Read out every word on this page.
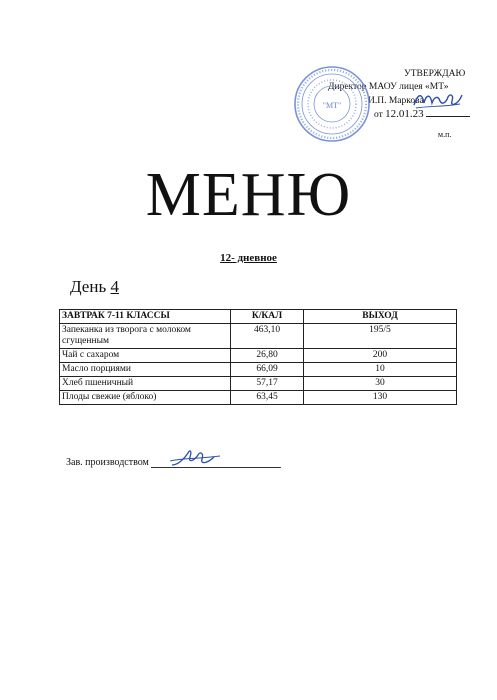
УТВЕРЖДАЮ
Директор МАОУ лицея «МТ»
И.П. Маркова
от 12.01.23
м.п.
"МТ"
МЕНЮ
12- дневное
День 4
ЗАВТРАК 7-11 КЛАССЫ	К/КАЛ	ВЫХОД
Запеканка из творога с молоком сгущенным	463,10	195/5
Чай с сахаром	26,80	200
Масло порциями	66,09	10
Хлеб пшеничный	57,17	30
Плоды свежие (яблоко)	63,45	130
Зав. производством
